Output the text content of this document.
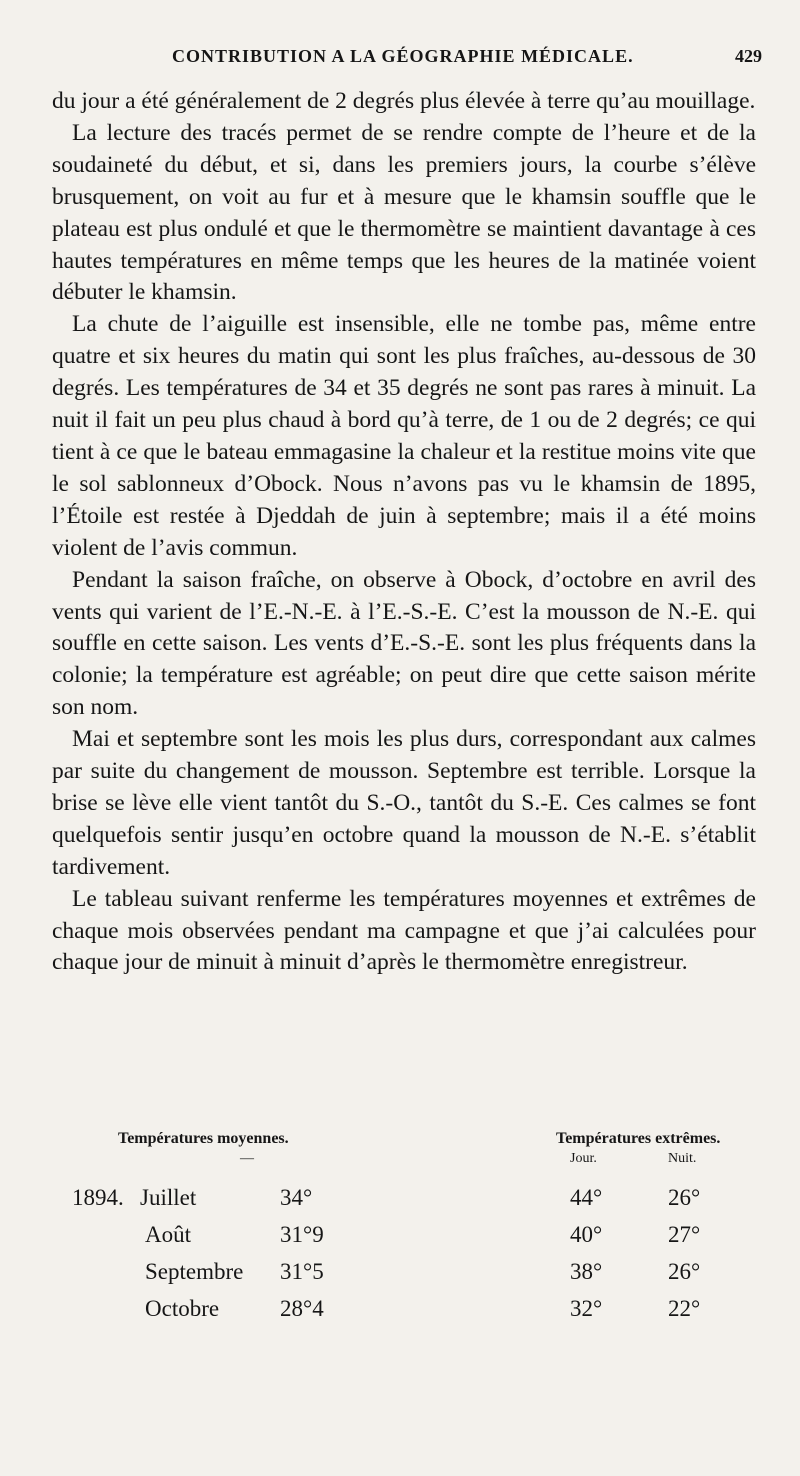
CONTRIBUTION A LA GÉOGRAPHIE MÉDICALE.	429

du jour a été généralement de 2 degrés plus élevée à terre qu’au mouillage.

La lecture des tracés permet de se rendre compte de l’heure et de la soudaineté du début, et si, dans les premiers jours, la courbe s’élève brusquement, on voit au fur et à mesure que le khamsin souffle que le plateau est plus ondulé et que le thermomètre se maintient davantage à ces hautes températures en même temps que les heures de la matinée voient débuter le khamsin.

La chute de l’aiguille est insensible, elle ne tombe pas, même entre quatre et six heures du matin qui sont les plus fraîches, au-dessous de 30 degrés. Les températures de 34 et 35 degrés ne sont pas rares à minuit. La nuit il fait un peu plus chaud à bord qu’à terre, de 1 ou de 2 degrés; ce qui tient à ce que le bateau emmagasine la chaleur et la restitue moins vite que le sol sablonneux d’Obock. Nous n’avons pas vu le khamsin de 1895, l’Étoile est restée à Djeddah de juin à septembre; mais il a été moins violent de l’avis commun.

Pendant la saison fraîche, on observe à Obock, d’octobre en avril des vents qui varient de l’E.-N.-E. à l’E.-S.-E. C’est la mousson de N.-E. qui souffle en cette saison. Les vents d’E.-S.-E. sont les plus fréquents dans la colonie; la température est agréable; on peut dire que cette saison mérite son nom.

Mai et septembre sont les mois les plus durs, correspondant aux calmes par suite du changement de mousson. Septembre est terrible. Lorsque la brise se lève elle vient tantôt du S.-O., tantôt du S.-E. Ces calmes se font quelquefois sentir jusqu’en octobre quand la mousson de N.-E. s’établit tardivement.

Le tableau suivant renferme les températures moyennes et extrêmes de chaque mois observées pendant ma campagne et que j’ai calculées pour chaque jour de minuit à minuit d’après le thermomètre enregistreur.

Températures moyennes.
—
Températures extrêmes.
Jour.	Nuit.
1894. Juillet	34°	44°	26°
Août	31°9	40°	27°
Septembre 31°5	38°	26°
Octobre	28°4	32°	22°
